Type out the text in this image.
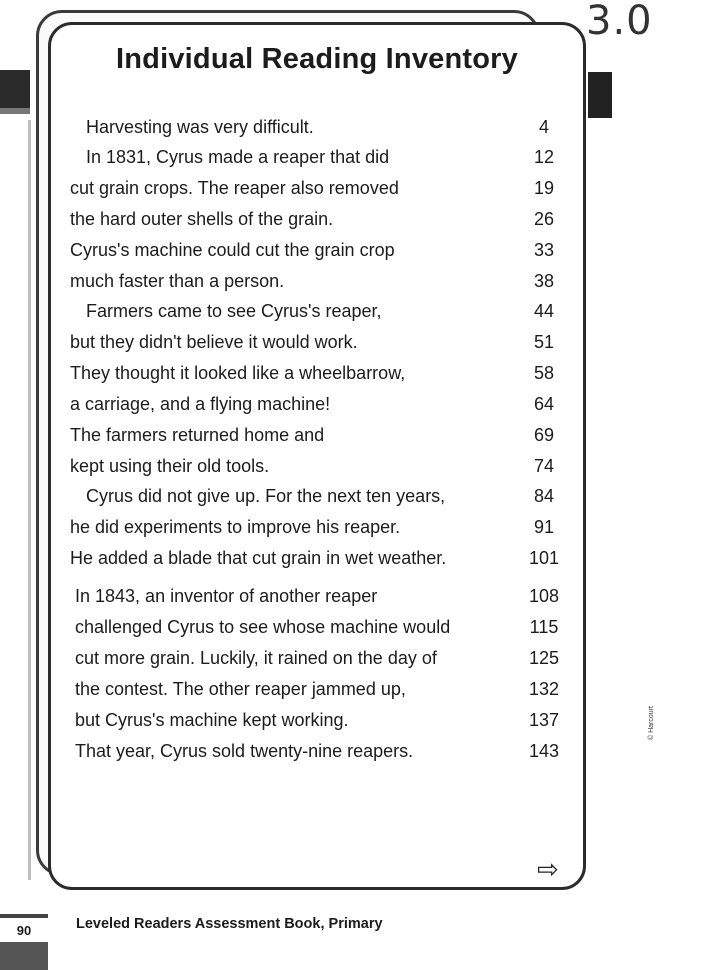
3.0
Individual Reading Inventory
Harvesting was very difficult.	4
In 1831, Cyrus made a reaper that did	12
cut grain crops. The reaper also removed	19
the hard outer shells of the grain.	26
Cyrus's machine could cut the grain crop	33
much faster than a person.	38
Farmers came to see Cyrus's reaper,	44
but they didn't believe it would work.	51
They thought it looked like a wheelbarrow,	58
a carriage, and a flying machine!	64
The farmers returned home and	69
kept using their old tools.	74
Cyrus did not give up. For the next ten years,	84
he did experiments to improve his reaper.	91
He added a blade that cut grain in wet weather.	101
In 1843, an inventor of another reaper	108
challenged Cyrus to see whose machine would	115
cut more grain. Luckily, it rained on the day of	125
the contest. The other reaper jammed up,	132
but Cyrus's machine kept working.	137
That year, Cyrus sold twenty-nine reapers.	143
⇨
© Harcourt
90	Leveled Readers Assessment Book, Primary
